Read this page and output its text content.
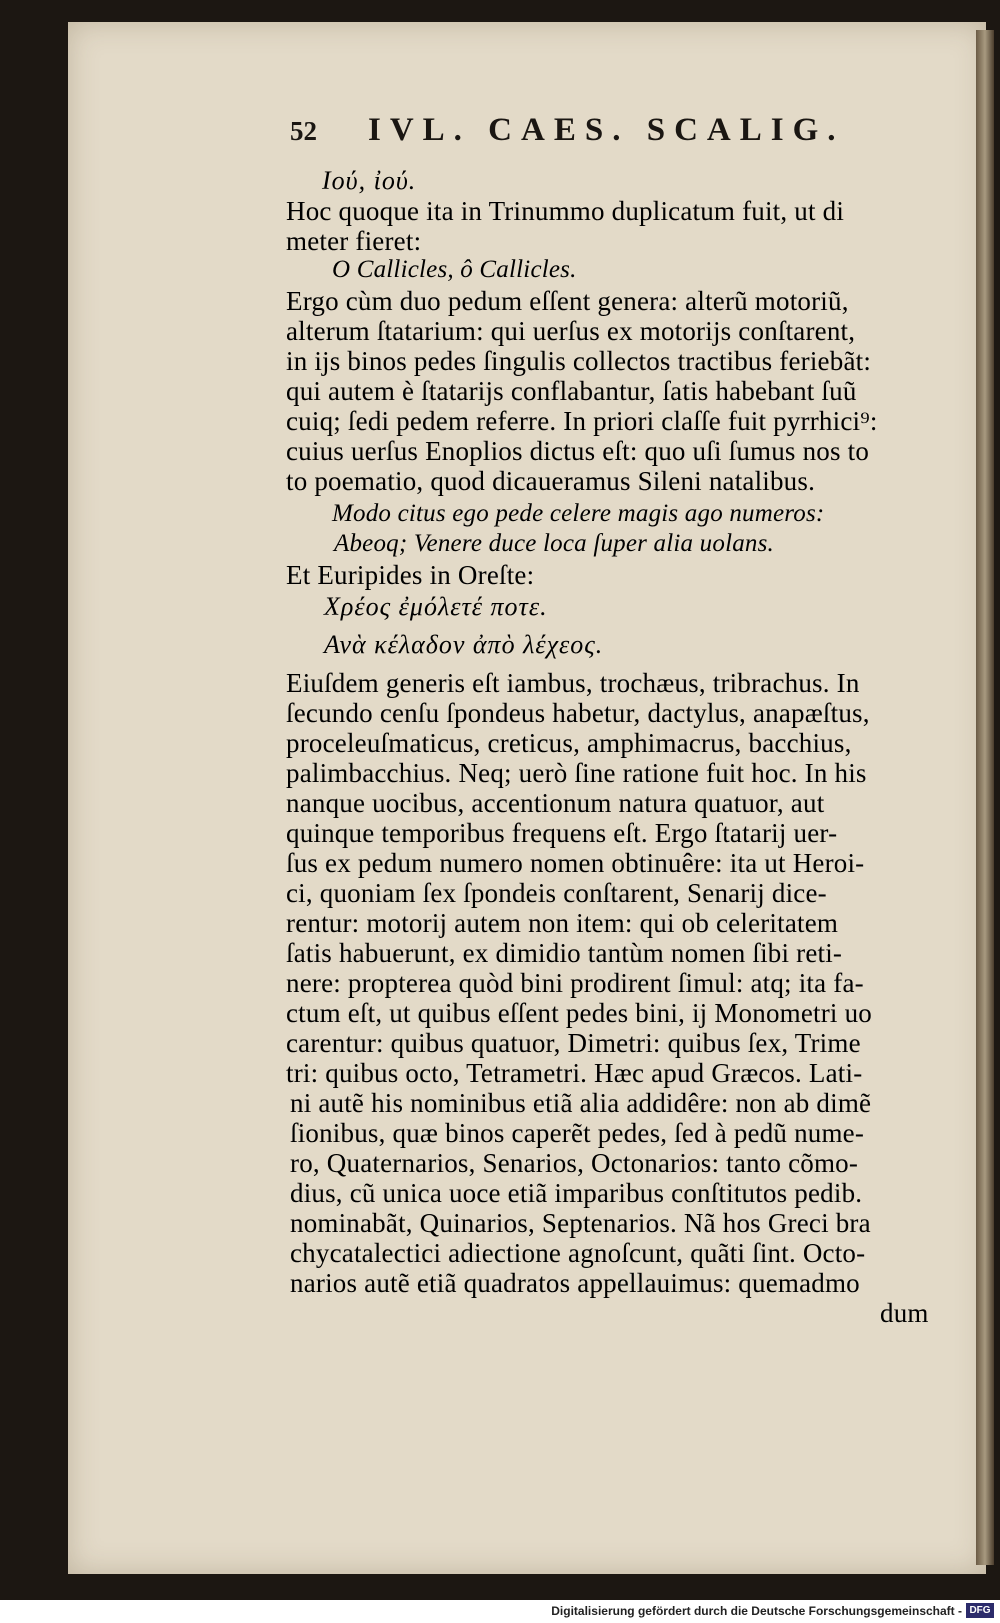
52	IVL. CAES. SCALIG.
Ιού, ἰού.
Hoc quoque ita in Trinummo duplicatum fuit, ut di
meter fieret:
O Callicles, ô Callicles.
Ergo cùm duo pedum eſſent genera: alterũ motoriũ,
alterum ſtatarium: qui uerſus ex motorijs conſtarent,
in ijs binos pedes ſingulis collectos tractibus feriebãt:
qui autem è ſtatarijs conflabantur, ſatis habebant ſuũ
cuiq; ſedi pedem referre. In priori claſſe fuit pyrrhici⁹:
cuius uerſus Enoplios dictus eſt: quo uſi ſumus nos to
to poematio, quod dicaueramus Sileni natalibus.
Modo citus ego pede celere magis ago numeros:
Abeoq; Venere duce loca ſuper alia uolans.
Et Euripides in Oreſte:
Χρέος ἐμόλετέ ποτε.
Ανὰ κέλαδον ἀπὸ λέχεος.
Eiuſdem generis eſt iambus, trochæus, tribrachus. In
ſecundo cenſu ſpondeus habetur, dactylus, anapæſtus,
proceleuſmaticus, creticus, amphimacrus, bacchius,
palimbacchius. Neq; uerò ſine ratione fuit hoc. In his
nanque uocibus, accentionum natura quatuor, aut
quinque temporibus frequens eſt. Ergo ſtatarij uer-
ſus ex pedum numero nomen obtinuêre: ita ut Heroi-
ci, quoniam ſex ſpondeis conſtarent, Senarij dice-
rentur: motorij autem non item: qui ob celeritatem
ſatis habuerunt, ex dimidio tantùm nomen ſibi reti-
nere: propterea quòd bini prodirent ſimul: atq; ita fa-
ctum eſt, ut quibus eſſent pedes bini, ij Monometri uo
carentur: quibus quatuor, Dimetri: quibus ſex, Trime
tri: quibus octo, Tetrametri. Hæc apud Græcos. Lati-
ni autẽ his nominibus etiã alia addidêre: non ab dimẽ
ſionibus, quæ binos caperẽt pedes, ſed à pedũ nume-
ro, Quaternarios, Senarios, Octonarios: tanto cõmo-
dius, cũ unica uoce etiã imparibus conſtitutos pedib.
nominabãt, Quinarios, Septenarios. Nã hos Greci bra
chycatalectici adiectione agnoſcunt, quãti ſint. Octo-
narios autẽ etiã quadratos appellauimus: quemadmo
dum
Digitalisierung gefördert durch die Deutsche Forschungsgemeinschaft - DFG
